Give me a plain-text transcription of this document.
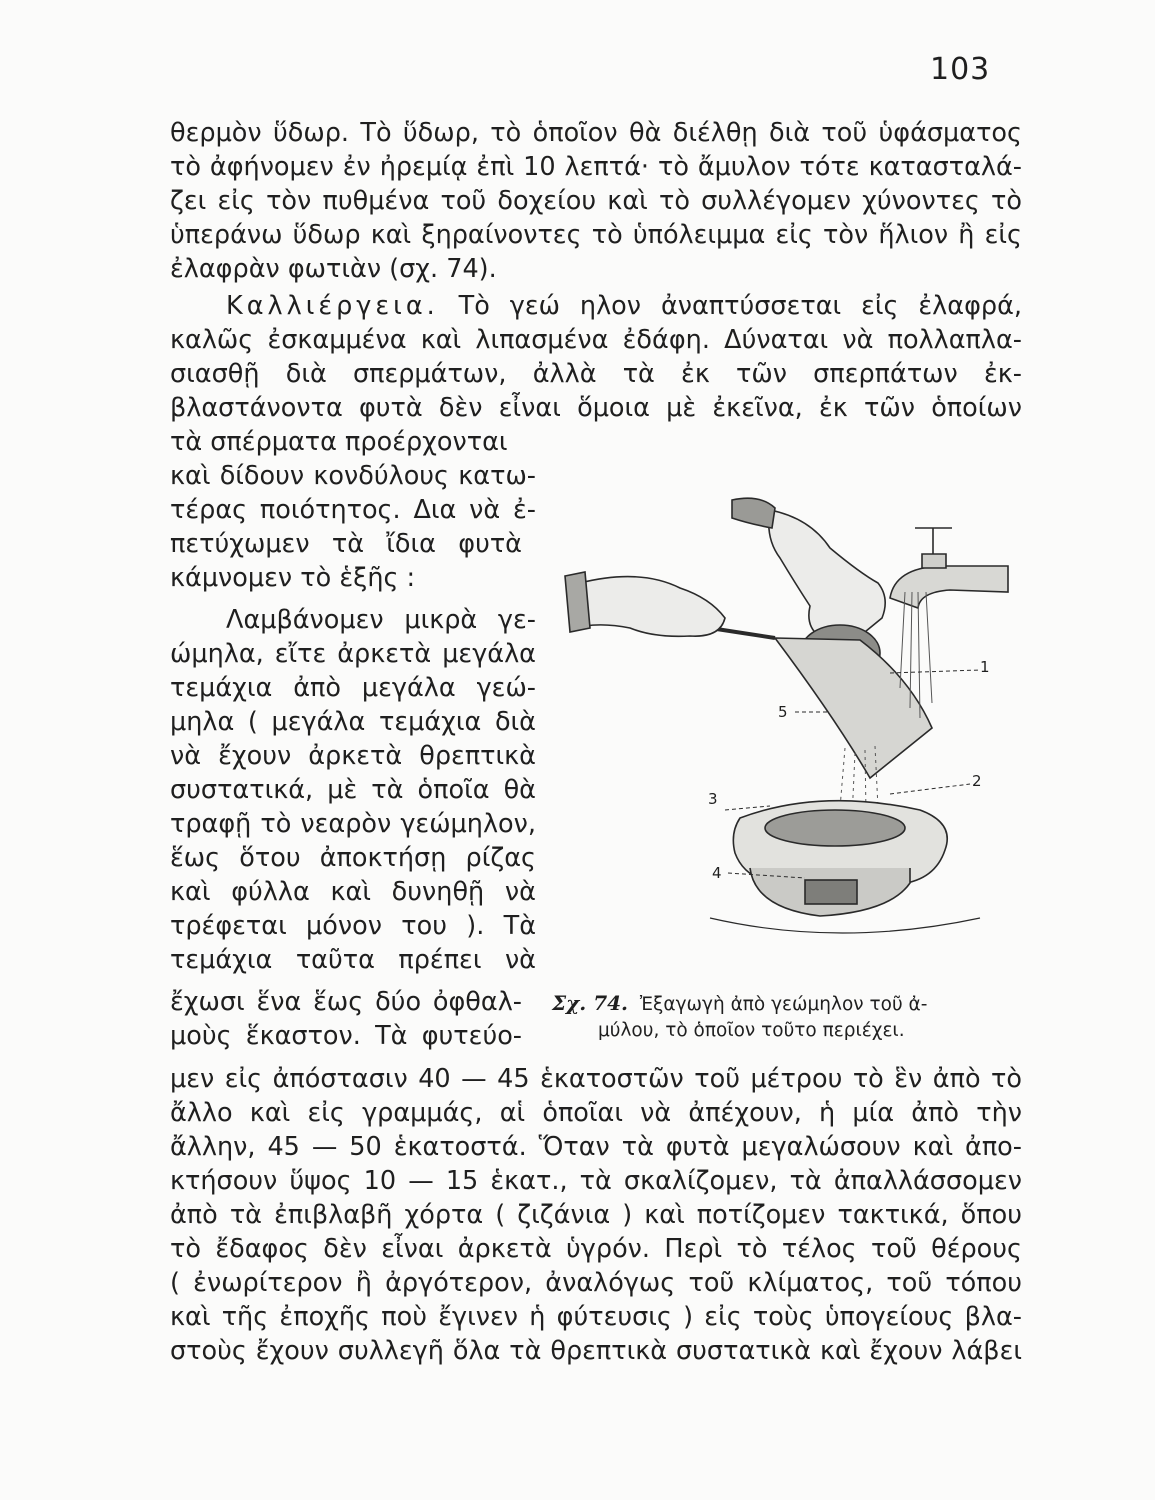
103
θερμὸν ὕδωρ. Τὸ ὕδωρ, τὸ ὁποῖον θὰ διέλθῃ διὰ τοῦ ὑφάσματος
τὸ ἀφήνομεν ἐν ἠρεμίᾳ ἐπὶ 10 λεπτά· τὸ ἄμυλον τότε κατασταλά-
ζει εἰς τὸν πυθμένα τοῦ δοχείου καὶ τὸ συλλέγομεν χύνοντες τὸ
ὑπεράνω ὕδωρ καὶ ξηραίνοντες τὸ ὑπόλειμμα εἰς τὸν ἥλιον ἢ εἰς
ἐλαφρὰν φωτιὰν (σχ. 74).
Καλλιέργεια. Τὸ γεώ ηλον ἀναπτύσσεται εἰς ἐλαφρά,
καλῶς ἐσκαμμένα καὶ λιπασμένα ἐδάφη. Δύναται νὰ πολλαπλα-
σιασθῇ διὰ σπερμάτων, ἀλλὰ τὰ ἐκ τῶν σπερπάτων ἐκ-
βλαστάνοντα φυτὰ δὲν εἶναι ὅμοια μὲ ἐκεῖνα, ἐκ τῶν ὁποίων
τὰ σπέρματα προέρχονται
καὶ δίδουν κονδύλους κατω-
τέρας ποιότητος. Δια νὰ ἐ-
πετύχωμεν τὰ ἴδια φυτὰ
κάμνομεν τὸ ἑξῆς :
Λαμβάνομεν μικρὰ γε-
ώμηλα, εἴτε ἀρκετὰ μεγάλα
τεμάχια ἀπὸ μεγάλα γεώ-
μηλα ( μεγάλα τεμάχια διὰ
νὰ ἔχουν ἀρκετὰ θρεπτικὰ
συστατικά, μὲ τὰ ὁποῖα θὰ
τραφῇ τὸ νεαρὸν γεώμηλον,
ἕως ὅτου ἀποκτήσῃ ρίζας
καὶ φύλλα καὶ δυνηθῇ νὰ
τρέφεται μόνον του ). Τὰ
τεμάχια ταῦτα πρέπει νὰ
ἔχωσι ἕνα ἕως δύο ὀφθαλ-
μοὺς ἕκαστον. Τὰ φυτεύο-
1
2
3
4
5
Σχ. 74. Ἐξαγωγὴ ἀπὸ γεώμηλον τοῦ ἀ-
μύλου, τὸ ὁποῖον τοῦτο περιέχει.
μεν εἰς ἀπόστασιν 40 — 45 ἑκατοστῶν τοῦ μέτρου τὸ ἓν ἀπὸ τὸ
ἄλλο καὶ εἰς γραμμάς, αἱ ὁποῖαι νὰ ἀπέχουν, ἡ μία ἀπὸ τὴν
ἄλλην, 45 — 50 ἑκατοστά. Ὅταν τὰ φυτὰ μεγαλώσουν καὶ ἀπο-
κτήσουν ὕψος 10 — 15 ἑκατ., τὰ σκαλίζομεν, τὰ ἀπαλλάσσομεν
ἀπὸ τὰ ἐπιβλαβῆ χόρτα ( ζιζάνια ) καὶ ποτίζομεν τακτικά, ὅπου
τὸ ἔδαφος δὲν εἶναι ἀρκετὰ ὑγρόν. Περὶ τὸ τέλος τοῦ θέρους
( ἐνωρίτερον ἢ ἀργότερον, ἀναλόγως τοῦ κλίματος, τοῦ τόπου
καὶ τῆς ἐποχῆς ποὺ ἔγινεν ἡ φύτευσις ) εἰς τοὺς ὑπογείους βλα-
στοὺς ἔχουν συλλεγῆ ὅλα τὰ θρεπτικὰ συστατικὰ καὶ ἔχουν λάβει
